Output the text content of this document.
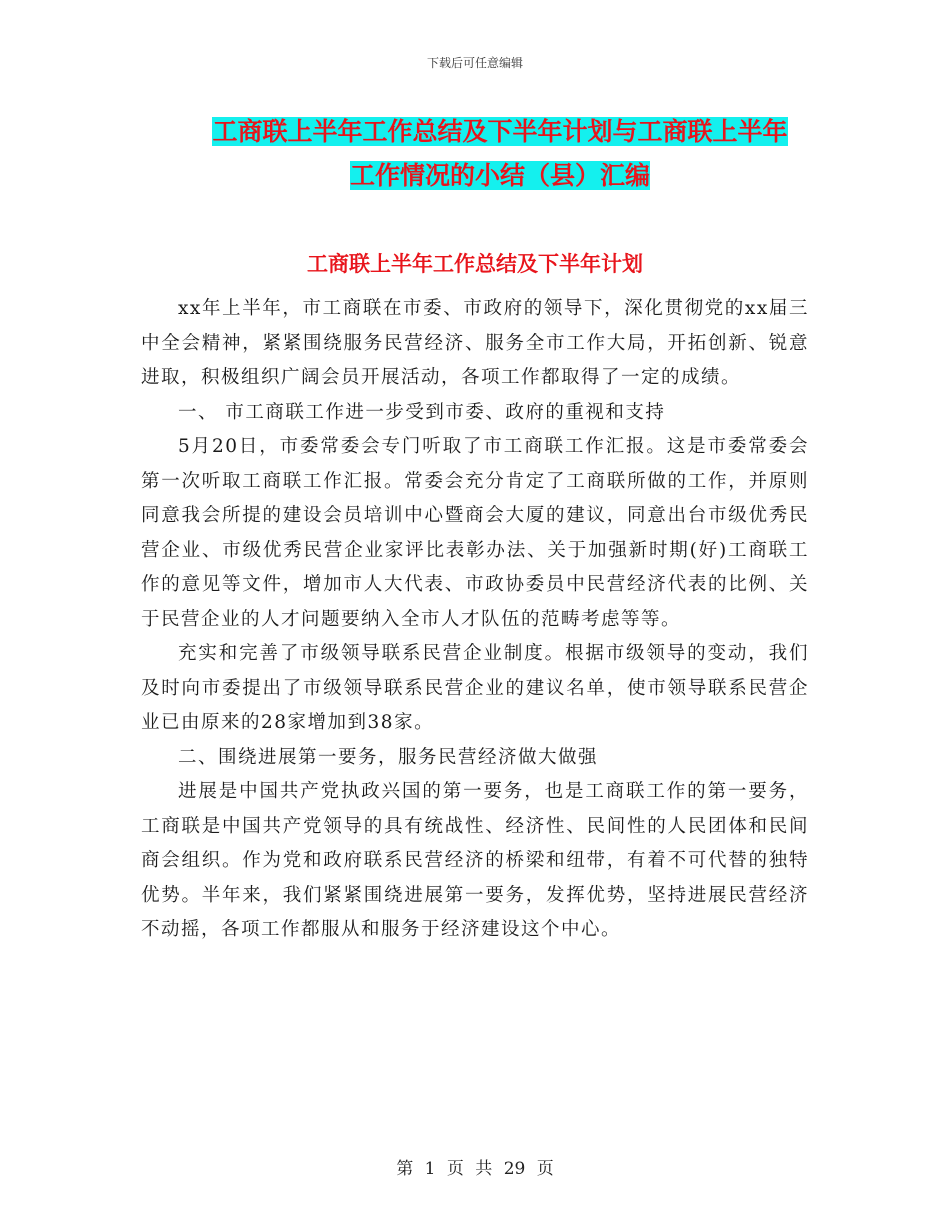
下载后可任意编辑
工商联上半年工作总结及下半年计划与工商联上半年
工作情况的小结（县）汇编
工商联上半年工作总结及下半年计划

xx年上半年，市工商联在市委、市政府的领导下，深化贯彻党的xx届三中全会精神，紧紧围绕服务民营经济、服务全市工作大局，开拓创新、锐意进取，积极组织广阔会员开展活动，各项工作都取得了一定的成绩。

一、 市工商联工作进一步受到市委、政府的重视和支持

5月20日，市委常委会专门听取了市工商联工作汇报。这是市委常委会第一次听取工商联工作汇报。常委会充分肯定了工商联所做的工作，并原则同意我会所提的建设会员培训中心暨商会大厦的建议，同意出台市级优秀民营企业、市级优秀民营企业家评比表彰办法、关于加强新时期(好)工商联工作的意见等文件，增加市人大代表、市政协委员中民营经济代表的比例、关于民营企业的人才问题要纳入全市人才队伍的范畴考虑等等。

充实和完善了市级领导联系民营企业制度。根据市级领导的变动，我们及时向市委提出了市级领导联系民营企业的建议名单，使市领导联系民营企业已由原来的28家增加到38家。

二、围绕进展第一要务，服务民营经济做大做强

进展是中国共产党执政兴国的第一要务，也是工商联工作的第一要务，工商联是中国共产党领导的具有统战性、经济性、民间性的人民团体和民间商会组织。作为党和政府联系民营经济的桥梁和纽带，有着不可代替的独特优势。半年来，我们紧紧围绕进展第一要务，发挥优势，坚持进展民营经济不动摇，各项工作都服从和服务于经济建设这个中心。

第 1 页 共 29 页
